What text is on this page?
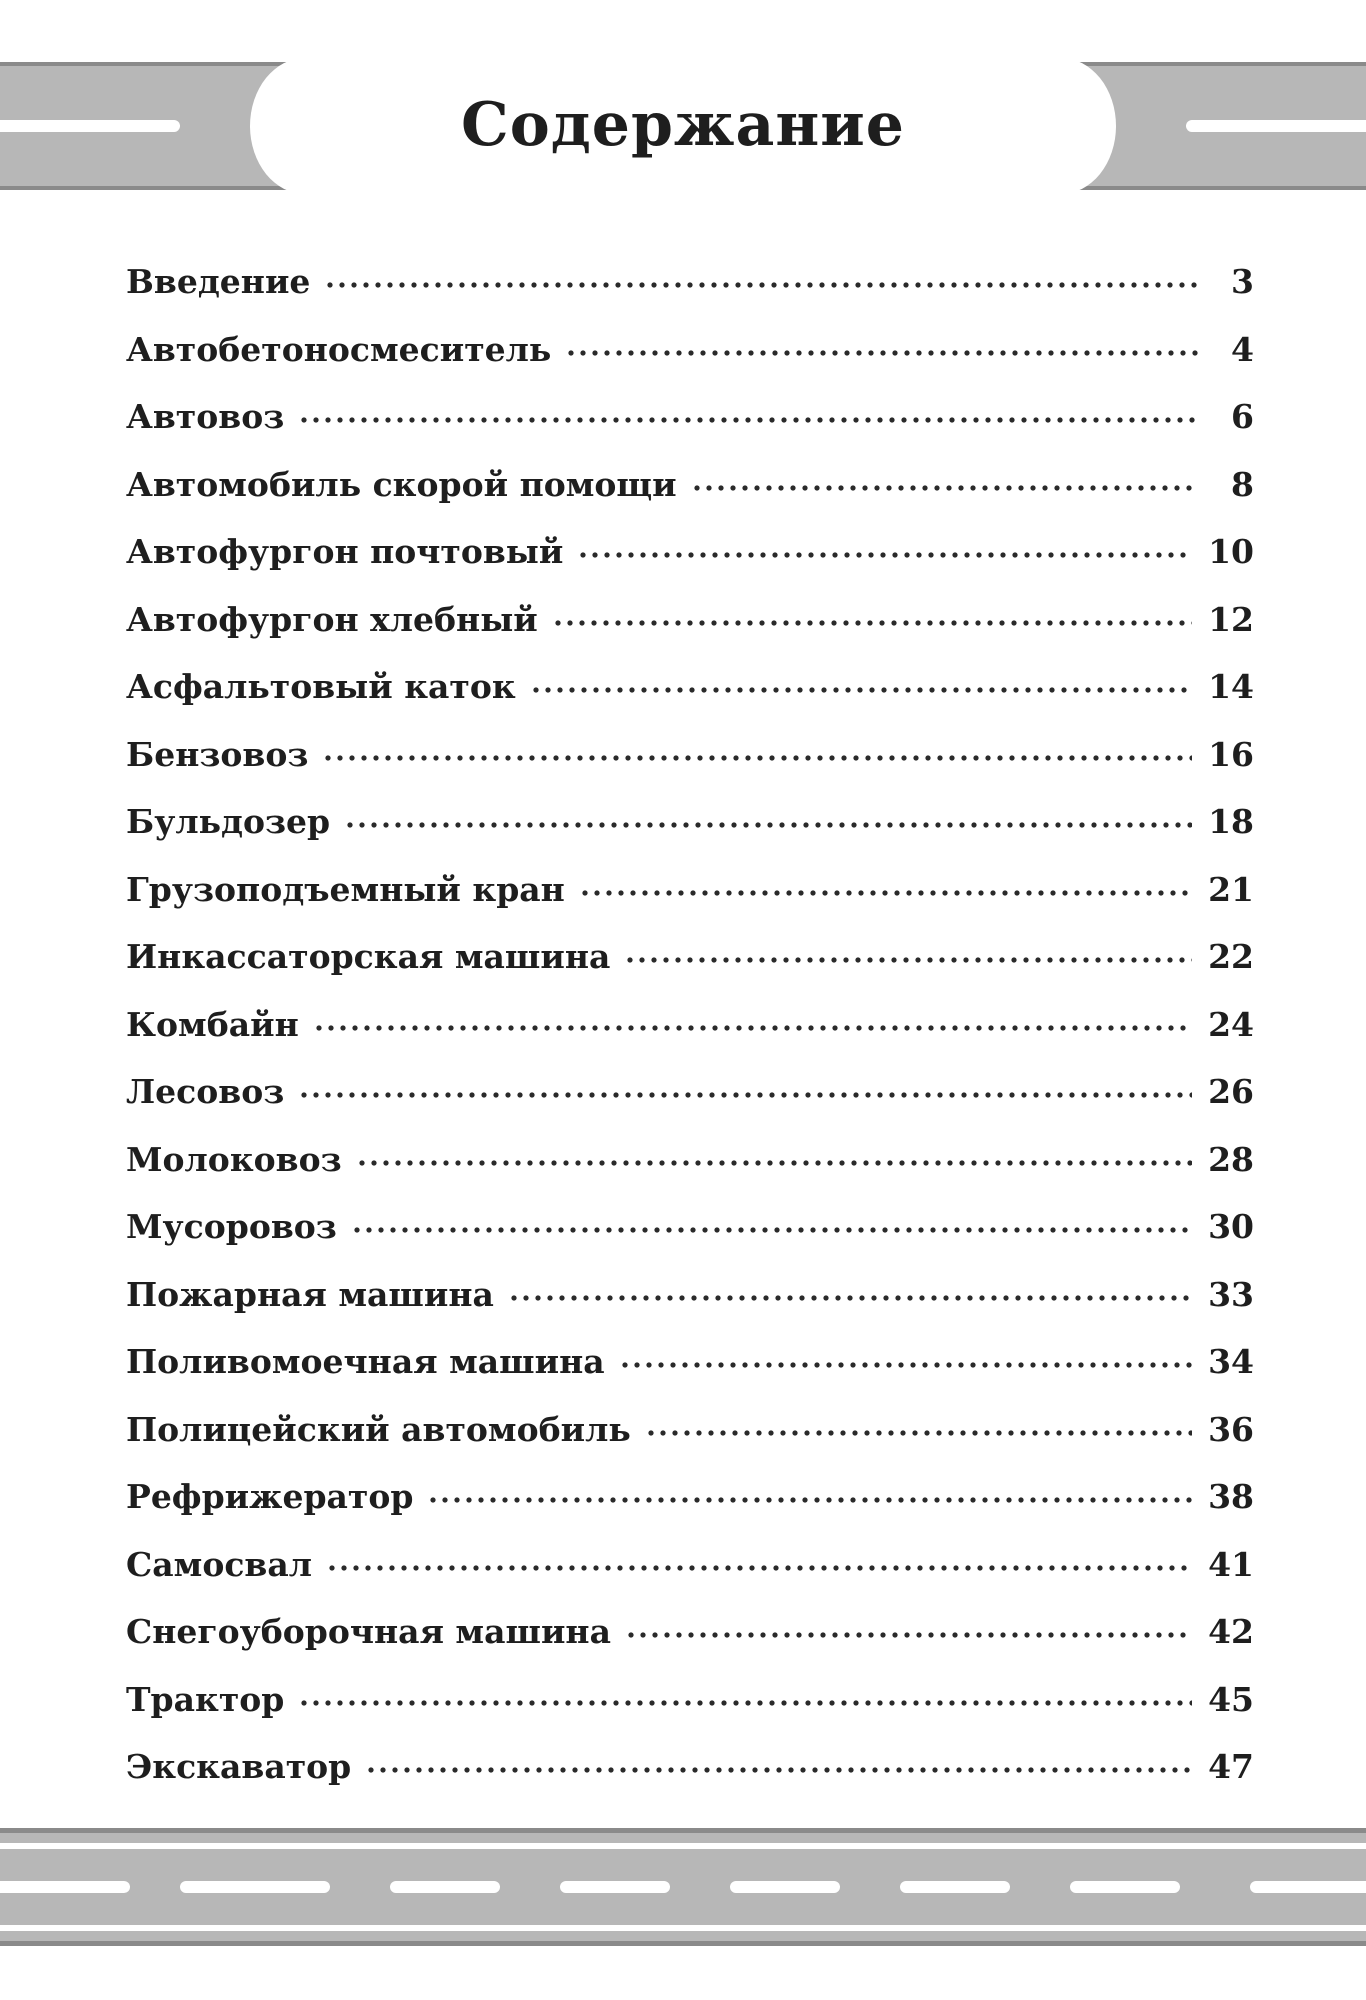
Содержание
Введение	3
Автобетоносмеситель	4
Автовоз	6
Автомобиль скорой помощи	8
Автофургон почтовый	10
Автофургон хлебный	12
Асфальтовый каток	14
Бензовоз	16
Бульдозер	18
Грузоподъемный кран	21
Инкассаторская машина	22
Комбайн	24
Лесовоз	26
Молоковоз	28
Мусоровоз	30
Пожарная машина	33
Поливомоечная машина	34
Полицейский автомобиль	36
Рефрижератор	38
Самосвал	41
Снегоуборочная машина	42
Трактор	45
Экскаватор	47
